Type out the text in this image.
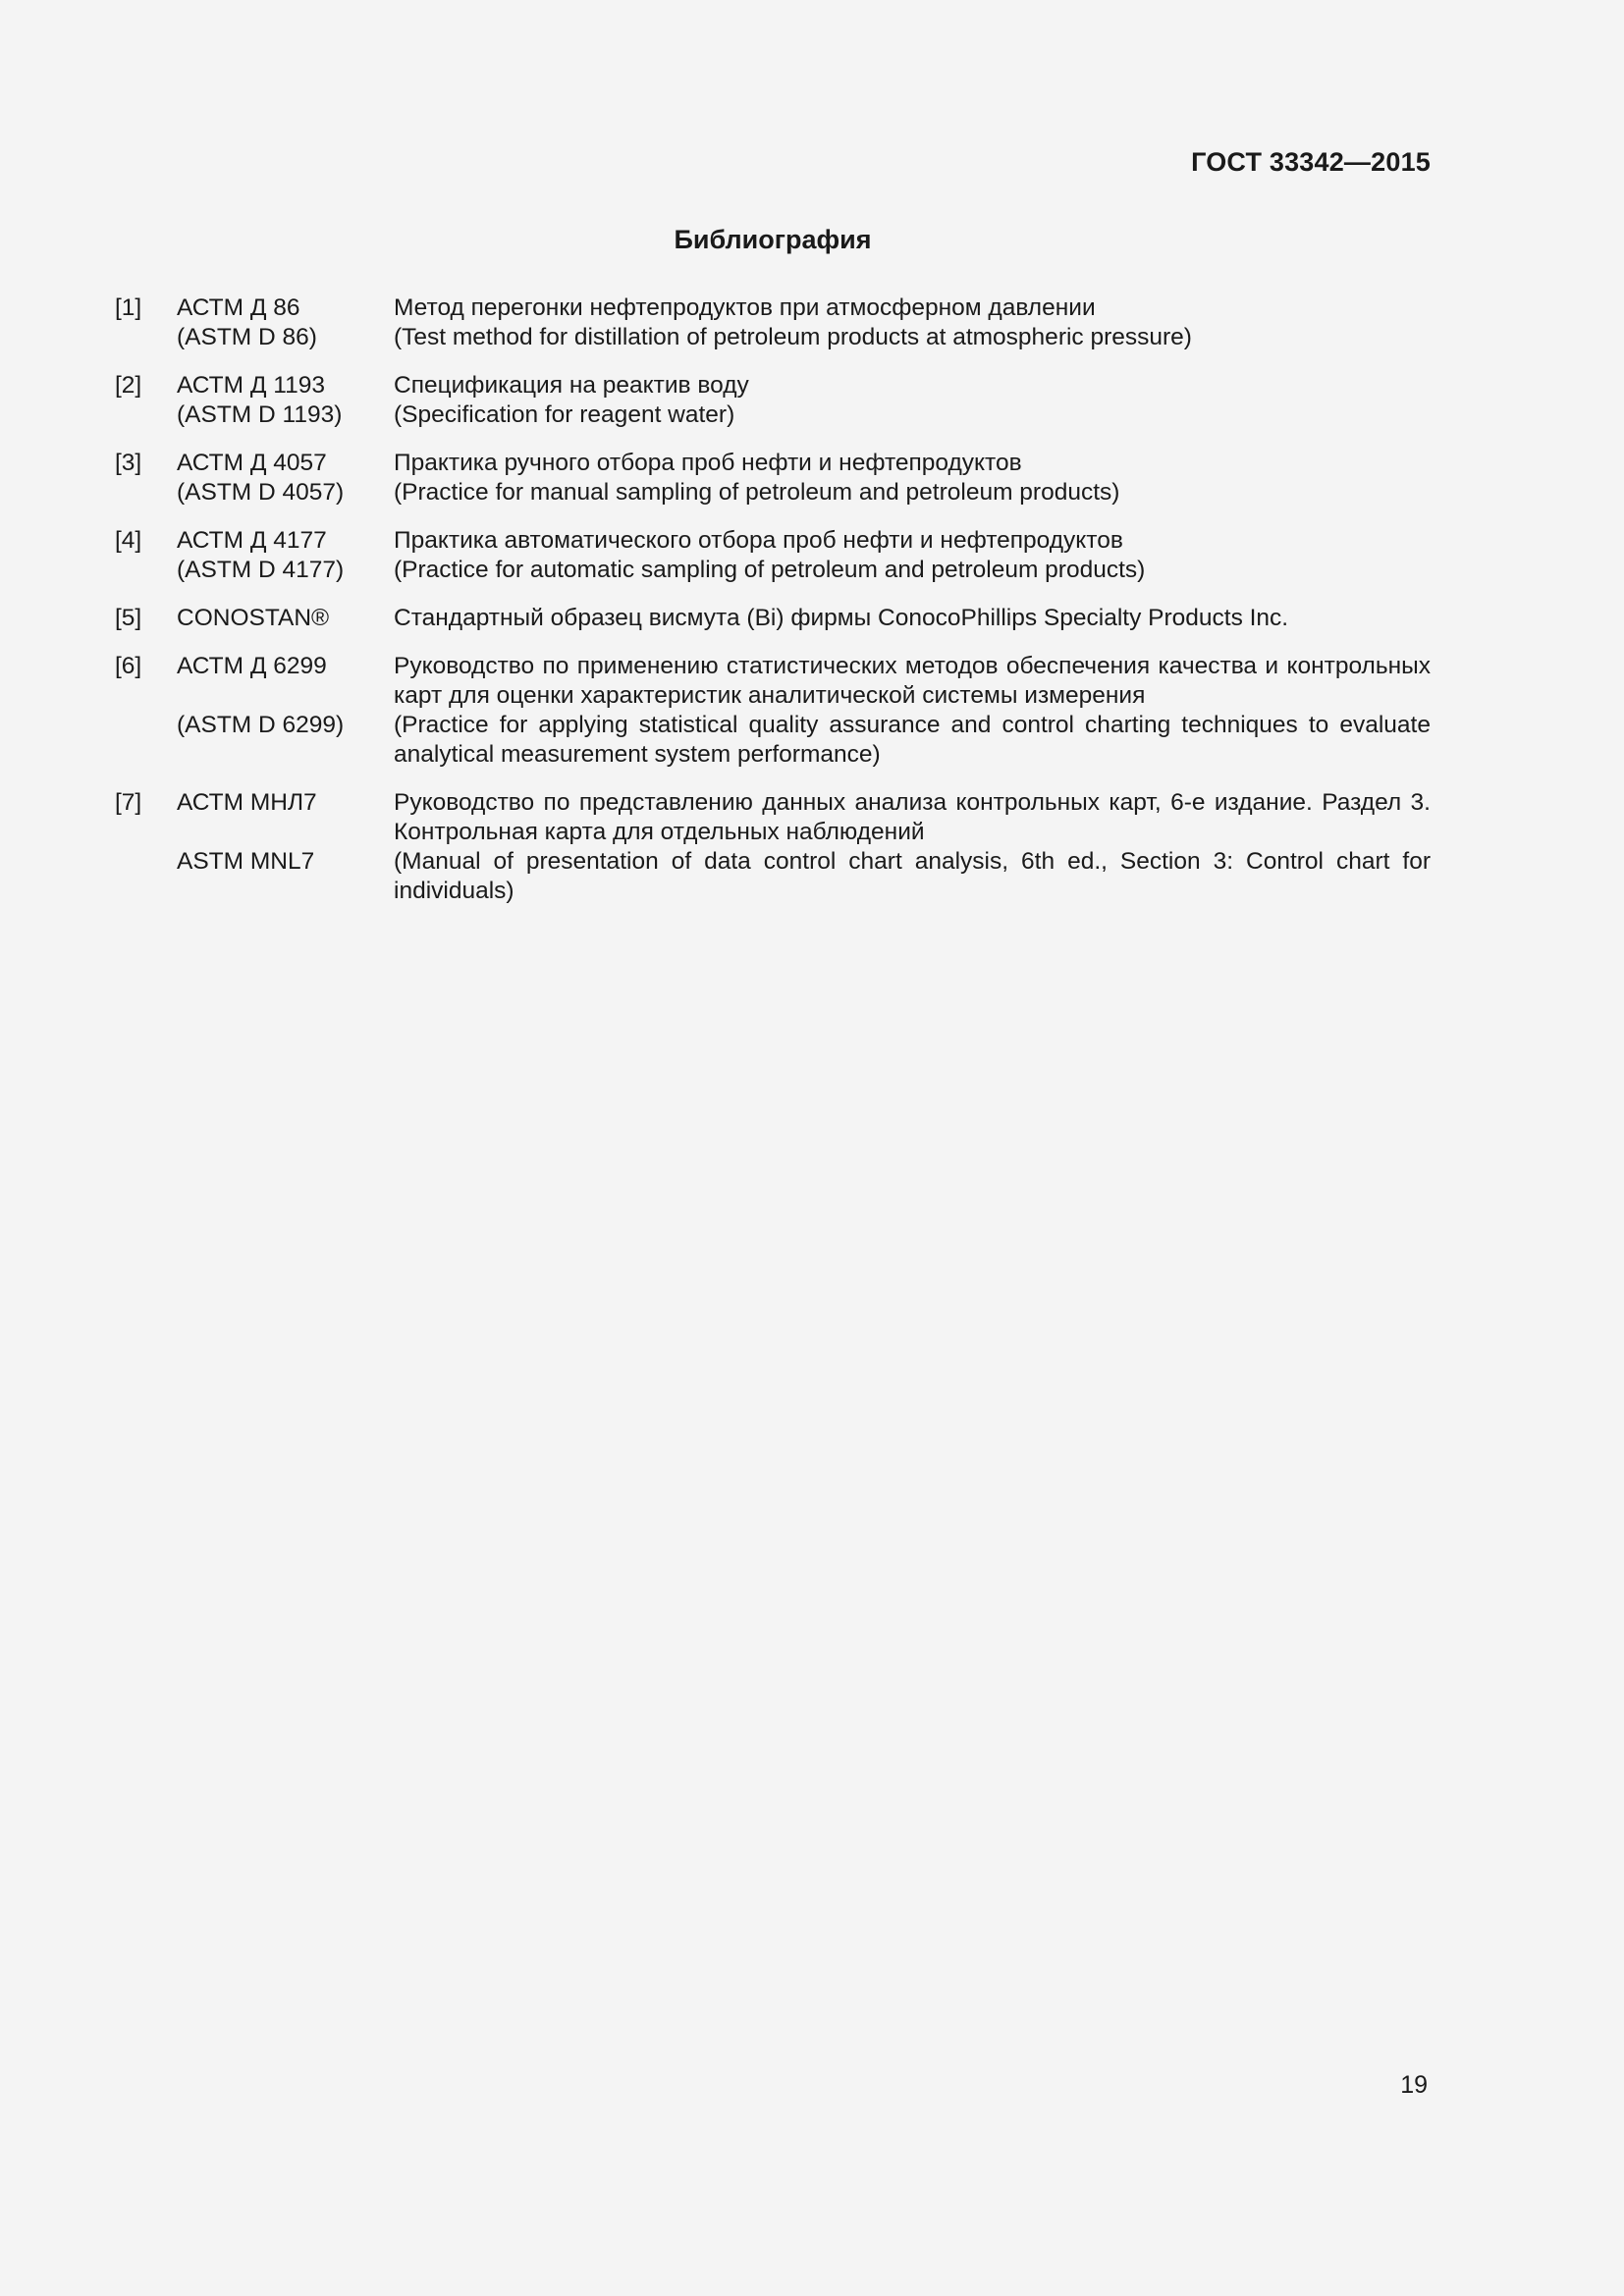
ГОСТ 33342—2015
Библиография
[1]	АСТМ Д 86	Метод перегонки нефтепродуктов при атмосферном давлении
(ASTM D 86)	(Test method for distillation of petroleum products at atmospheric pressure)
[2]	АСТМ Д 1193	Спецификация на реактив воду
(ASTM D 1193)	(Specification for reagent water)
[3]	АСТМ Д 4057	Практика ручного отбора проб нефти и нефтепродуктов
(ASTM D 4057)	(Practice for manual sampling of petroleum and petroleum products)
[4]	АСТМ Д 4177	Практика автоматического отбора проб нефти и нефтепродуктов
(ASTM D 4177)	(Practice for automatic sampling of petroleum and petroleum products)
[5]	CONOSTAN®	Стандартный образец висмута (Bi) фирмы ConocoPhillips Specialty Products Inc.
[6]	АСТМ Д 6299	Руководство по применению статистических методов обеспечения качества и контрольных карт для оценки характеристик аналитической системы измерения
(ASTM D 6299)	(Practice for applying statistical quality assurance and control charting techniques to evaluate analytical measurement system performance)
[7]	АСТМ МНЛ7	Руководство по представлению данных анализа контрольных карт, 6-е издание. Раздел 3. Контрольная карта для отдельных наблюдений
ASTM MNL7	(Manual of presentation of data control chart analysis, 6th ed., Section 3: Control chart for individuals)
19
